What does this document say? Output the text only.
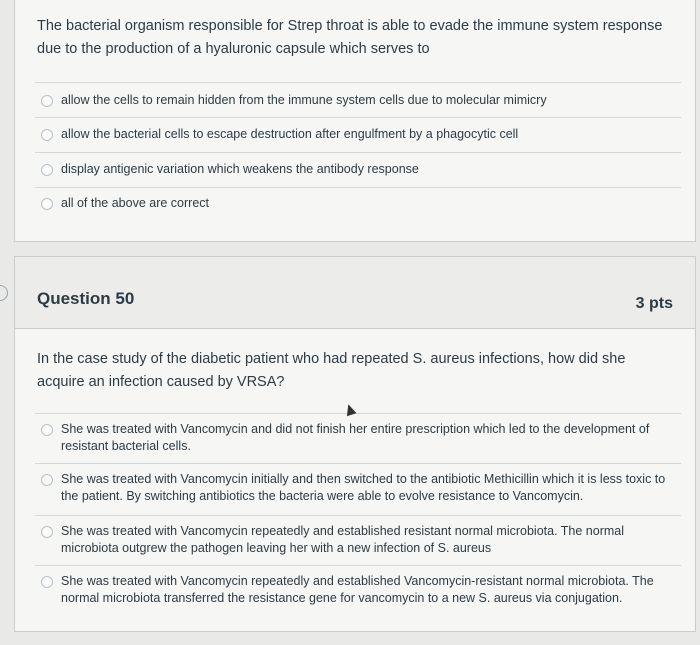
The bacterial organism responsible for Strep throat is able to evade the immune system response due to the production of a hyaluronic capsule which serves to
allow the cells to remain hidden from the immune system cells due to molecular mimicry
allow the bacterial cells to escape destruction after engulfment by a phagocytic cell
display antigenic variation which weakens the antibody response
all of the above are correct
Question 50	3 pts
In the case study of the diabetic patient who had repeated S. aureus infections, how did she acquire an infection caused by VRSA?
She was treated with Vancomycin and did not finish her entire prescription which led to the development of resistant bacterial cells.
She was treated with Vancomycin initially and then switched to the antibiotic Methicillin which it is less toxic to the patient. By switching antibiotics the bacteria were able to evolve resistance to Vancomycin.
She was treated with Vancomycin repeatedly and established resistant normal microbiota. The normal microbiota outgrew the pathogen leaving her with a new infection of S. aureus
She was treated with Vancomycin repeatedly and established Vancomycin-resistant normal microbiota. The normal microbiota transferred the resistance gene for vancomycin to a new S. aureus via conjugation.
